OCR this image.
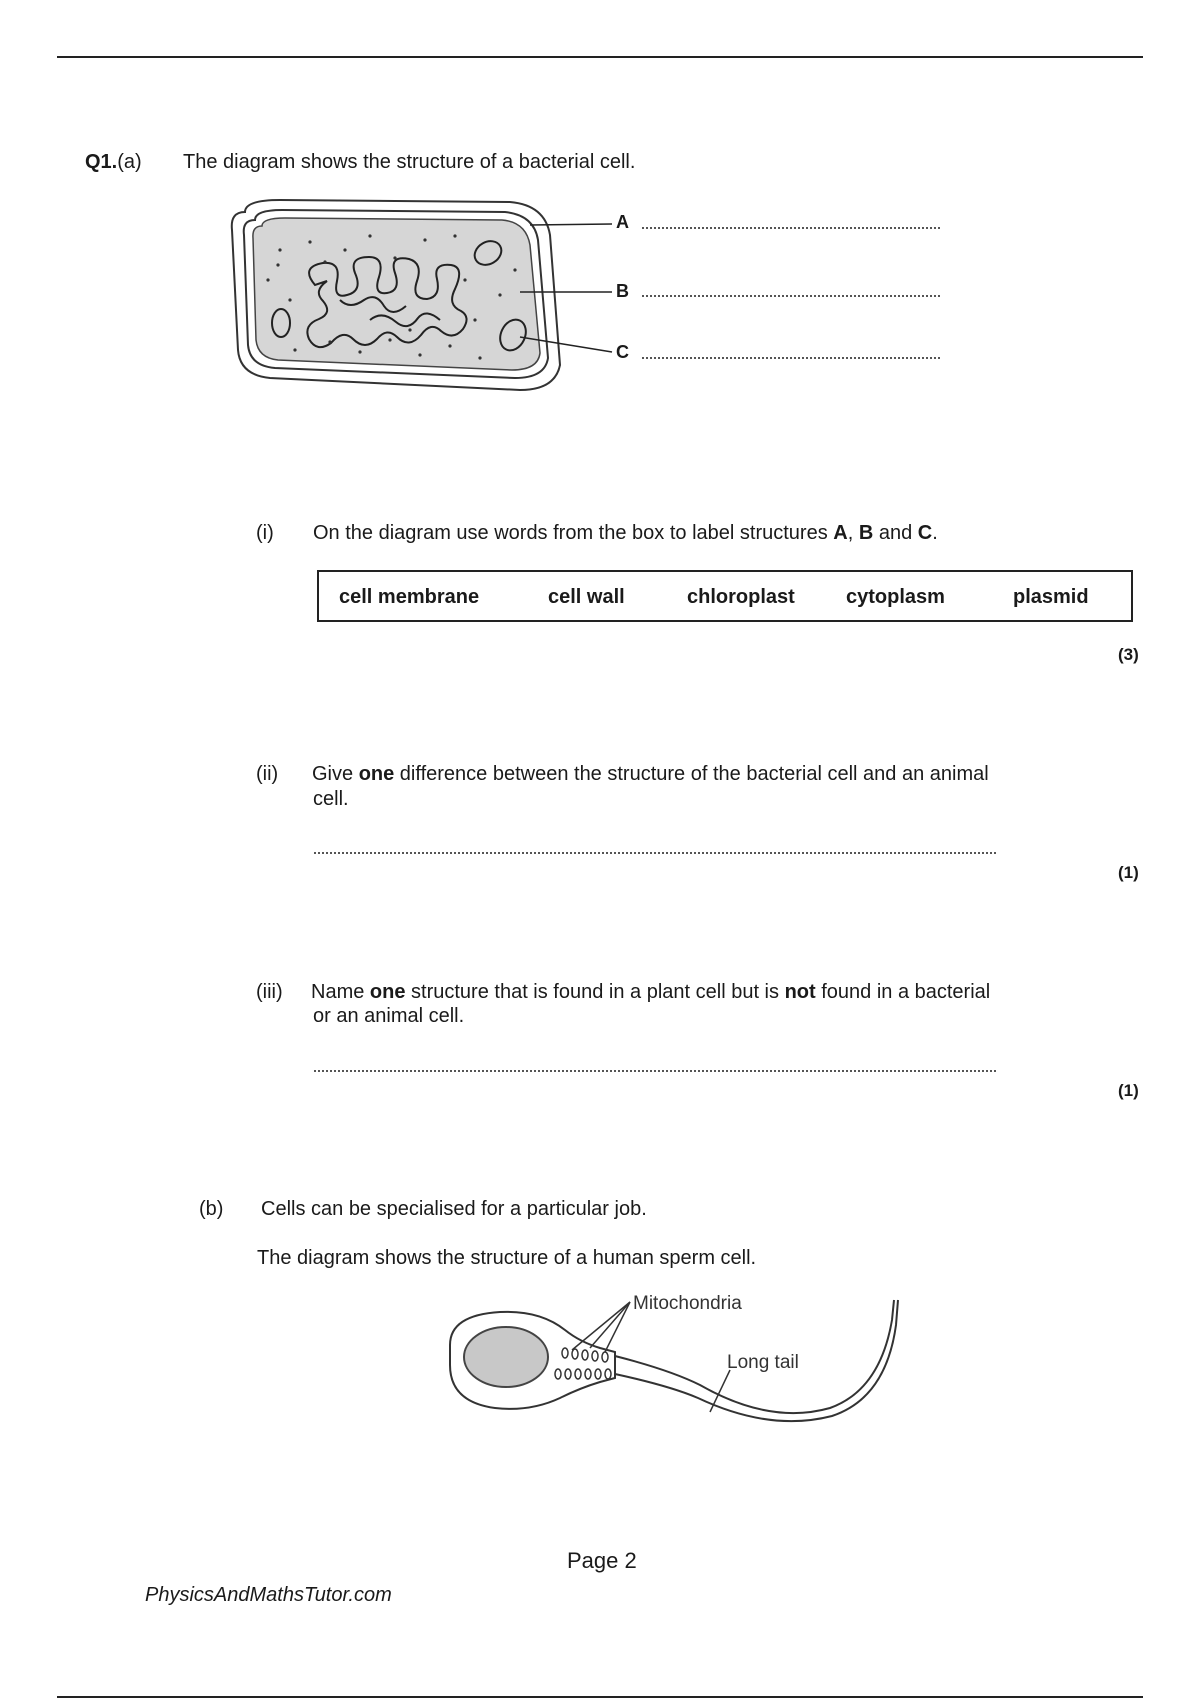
Q1.(a) The diagram shows the structure of a bacterial cell.
A
B
C
(i) On the diagram use words from the box to label structures A, B and C.
cell membrane	cell wall	chloroplast	cytoplasm	plasmid
(3)
(ii) Give one difference between the structure of the bacterial cell and an animal
cell.
(1)
(iii) Name one structure that is found in a plant cell but is not found in a bacterial
or an animal cell.
(1)
(b) Cells can be specialised for a particular job.
The diagram shows the structure of a human sperm cell.
Mitochondria
Long tail
Page 2
PhysicsAndMathsTutor.com
